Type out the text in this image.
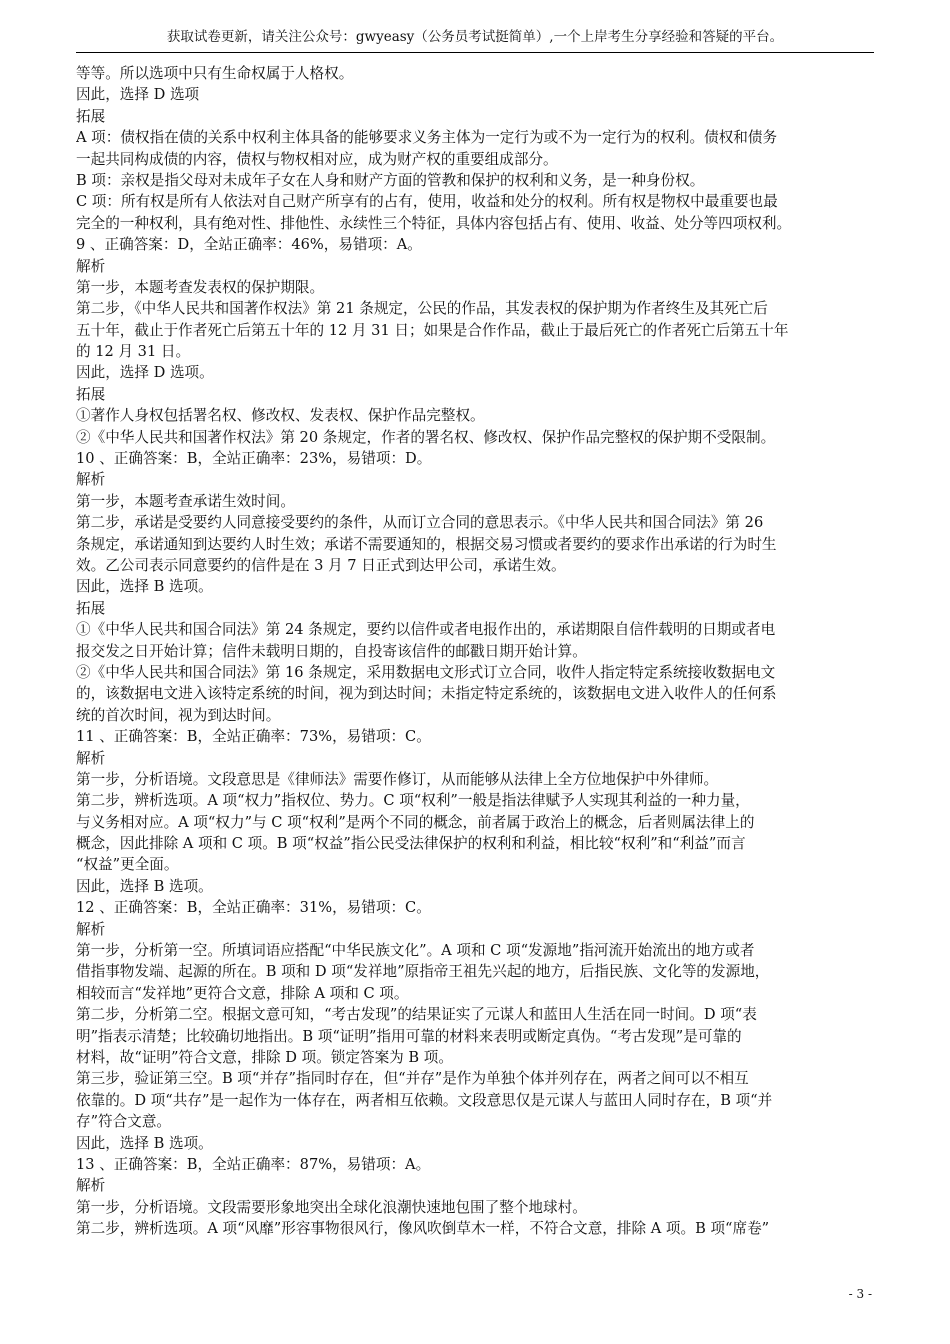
获取试卷更新，请关注公众号：gwyeasy（公务员考试挺简单）,一个上岸考生分享经验和答疑的平台。
等等。所以选项中只有生命权属于人格权。
因此，选择 D 选项
拓展
A 项：债权指在债的关系中权利主体具备的能够要求义务主体为一定行为或不为一定行为的权利。债权和债务
一起共同构成债的内容，债权与物权相对应，成为财产权的重要组成部分。
B 项：亲权是指父母对未成年子女在人身和财产方面的管教和保护的权利和义务，是一种身份权。
C 项：所有权是所有人依法对自己财产所享有的占有，使用，收益和处分的权利。所有权是物权中最重要也最
完全的一种权利，具有绝对性、排他性、永续性三个特征，具体内容包括占有、使用、收益、处分等四项权利。
9 、正确答案：D，全站正确率：46%，易错项：A。
解析
第一步，本题考查发表权的保护期限。
第二步，《中华人民共和国著作权法》第 21 条规定，公民的作品，其发表权的保护期为作者终生及其死亡后
五十年，截止于作者死亡后第五十年的 12 月 31 日；如果是合作作品，截止于最后死亡的作者死亡后第五十年
的 12 月 31 日。
因此，选择 D 选项。
拓展
①著作人身权包括署名权、修改权、发表权、保护作品完整权。
②《中华人民共和国著作权法》第 20 条规定，作者的署名权、修改权、保护作品完整权的保护期不受限制。
10 、正确答案：B，全站正确率：23%，易错项：D。
解析
第一步，本题考查承诺生效时间。
第二步，承诺是受要约人同意接受要约的条件，从而订立合同的意思表示。《中华人民共和国合同法》第 26
条规定，承诺通知到达要约人时生效；承诺不需要通知的，根据交易习惯或者要约的要求作出承诺的行为时生
效。乙公司表示同意要约的信件是在 3 月 7 日正式到达甲公司，承诺生效。
因此，选择 B 选项。
拓展
①《中华人民共和国合同法》第 24 条规定，要约以信件或者电报作出的，承诺期限自信件载明的日期或者电
报交发之日开始计算；信件未载明日期的，自投寄该信件的邮戳日期开始计算。
②《中华人民共和国合同法》第 16 条规定，采用数据电文形式订立合同，收件人指定特定系统接收数据电文
的，该数据电文进入该特定系统的时间，视为到达时间；未指定特定系统的，该数据电文进入收件人的任何系
统的首次时间，视为到达时间。
11 、正确答案：B，全站正确率：73%，易错项：C。
解析
第一步，分析语境。文段意思是《律师法》需要作修订，从而能够从法律上全方位地保护中外律师。
第二步，辨析选项。A 项“权力”指权位、势力。C 项“权利”一般是指法律赋予人实现其利益的一种力量，
与义务相对应。A 项“权力”与 C 项“权利”是两个不同的概念，前者属于政治上的概念，后者则属法律上的
概念，因此排除 A 项和 C 项。B 项“权益”指公民受法律保护的权利和利益，相比较“权利”和“利益”而言
“权益”更全面。
因此，选择 B 选项。
12 、正确答案：B，全站正确率：31%，易错项：C。
解析
第一步，分析第一空。所填词语应搭配“中华民族文化”。A 项和 C 项“发源地”指河流开始流出的地方或者
借指事物发端、起源的所在。B 项和 D 项“发祥地”原指帝王祖先兴起的地方，后指民族、文化等的发源地，
相较而言“发祥地”更符合文意，排除 A 项和 C 项。
第二步，分析第二空。根据文意可知，“考古发现”的结果证实了元谋人和蓝田人生活在同一时间。D 项“表
明”指表示清楚；比较确切地指出。B 项“证明”指用可靠的材料来表明或断定真伪。“考古发现”是可靠的
材料，故“证明”符合文意，排除 D 项。锁定答案为 B 项。
第三步，验证第三空。B 项“并存”指同时存在，但“并存”是作为单独个体并列存在，两者之间可以不相互
依靠的。D 项“共存”是一起作为一体存在，两者相互依赖。文段意思仅是元谋人与蓝田人同时存在，B 项“并
存”符合文意。
因此，选择 B 选项。
13 、正确答案：B，全站正确率：87%，易错项：A。
解析
第一步，分析语境。文段需要形象地突出全球化浪潮快速地包围了整个地球村。
第二步，辨析选项。A 项“风靡”形容事物很风行，像风吹倒草木一样，不符合文意，排除 A 项。B 项“席卷”
- 3 -
